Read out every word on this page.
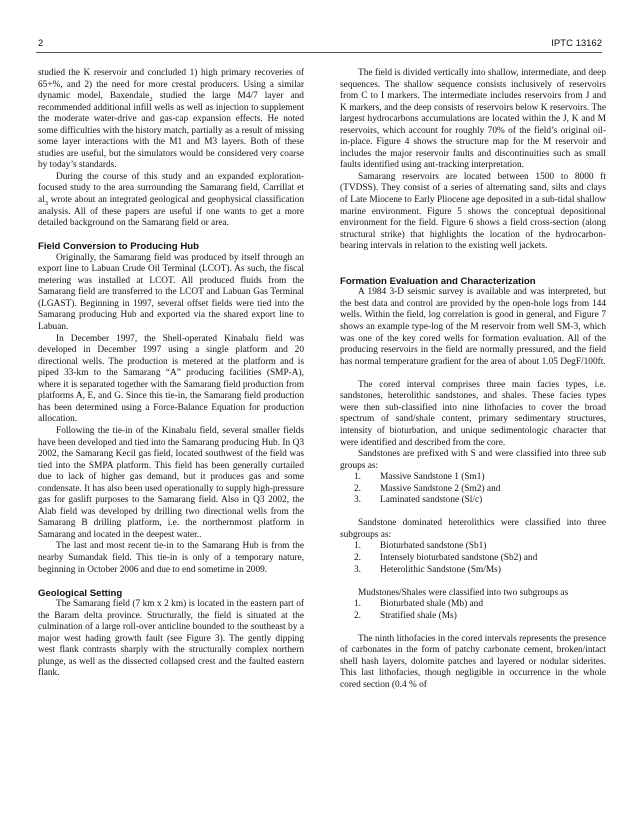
2	IPTC 13162

studied the K reservoir and concluded 1) high primary recoveries of 65+%, and 2) the need for more crestal producers. Using a similar dynamic model, Baxendale$_2$ studied the large M4/7 layer and recommended additional infill wells as well as injection to supplement the moderate water-drive and gas-cap expansion effects. He noted some difficulties with the history match, partially as a result of missing some layer interactions with the M1 and M3 layers. Both of these studies are useful, but the simulators would be considered very coarse by today’s standards.

During the course of this study and an expanded exploration-focused study to the area surrounding the Samarang field, Carrillat et $al_3$ wrote about an integrated geological and geophysical classification analysis. All of these papers are useful if one wants to get a more detailed background on the Samarang field or area.

Field Conversion to Producing Hub

Originally, the Samarang field was produced by itself through an export line to Labuan Crude Oil Terminal (LCOT). As such, the fiscal metering was installed at LCOT. All produced fluids from the Samarang field are transferred to the LCOT and Labuan Gas Terminal (LGAST). Beginning in 1997, several offset fields were tied into the Samarang producing Hub and exported via the shared export line to Labuan.

In December 1997, the Shell-operated Kinabalu field was developed in December 1997 using a single platform and 20 directional wells. The production is metered at the platform and is piped 33-km to the Samarang “A” producing facilities (SMP-A), where it is separated together with the Samarang field production from platforms A, E, and G. Since this tie-in, the Samarang field production has been determined using a Force-Balance Equation for production allocation.

Following the tie-in of the Kinabalu field, several smaller fields have been developed and tied into the Samarang producing Hub. In Q3 2002, the Samarang Kecil gas field, located southwest of the field was tied into the SMPA platform. This field has been generally curtailed due to lack of higher gas demand, but it produces gas and some condensate. It has also been used operationally to supply high-pressure gas for gaslift purposes to the Samarang field. Also in Q3 2002, the Alab field was developed by drilling two directional wells from the Samarang B drilling platform, i.e. the northernmost platform in Samarang and located in the deepest water..

The last and most recent tie-in to the Samarang Hub is from the nearby Sumandak field. This tie-in is only of a temporary nature, beginning in October 2006 and due to end sometime in 2009.

Geological Setting

The Samarang field (7 km x 2 km) is located in the eastern part of the Baram delta province. Structurally, the field is situated at the culmination of a large roll-over anticline bounded to the southeast by a major west hading growth fault (see Figure 3). The gently dipping west flank contrasts sharply with the structurally complex northern plunge, as well as the dissected collapsed crest and the faulted eastern flank.

The field is divided vertically into shallow, intermediate, and deep sequences. The shallow sequence consists inclusively of reservoirs from C to I markers. The intermediate includes reservoirs from J and K markers, and the deep consists of reservoirs below K reservoirs. The largest hydrocarbons accumulations are located within the J, K and M reservoirs, which account for roughly 70% of the field’s original oil-in-place. Figure 4 shows the structure map for the M reservoir and includes the major reservoir faults and discontinuities such as small faults identified using ant-tracking interpretation.

Samarang reservoirs are located between 1500 to 8000 ft (TVDSS). They consist of a series of alternating sand, silts and clays of Late Miocene to Early Pliocene age deposited in a sub-tidal shallow marine environment. Figure 5 shows the conceptual depositional environment for the field. Figure 6 shows a field cross-section (along structural strike) that highlights the location of the hydrocarbon-bearing intervals in relation to the existing well jackets.

Formation Evaluation and Characterization

A 1984 3-D seismic survey is available and was interpreted, but the best data and control are provided by the open-hole logs from 144 wells. Within the field, log correlation is good in general, and Figure 7 shows an example type-log of the M reservoir from well SM-3, which was one of the key cored wells for formation evaluation. All of the producing reservoirs in the field are normally pressured, and the field has normal temperature gradient for the area of about 1.05 DegF/100ft.

The cored interval comprises three main facies types, i.e. sandstones, heterolithic sandstones, and shales. These facies types were then sub-classified into nine lithofacies to cover the broad spectrum of sand/shale content, primary sedimentary structures, intensity of bioturbation, and unique sedimentologic character that were identified and described from the core.

Sandstones are prefixed with S and were classified into three sub groups as:

1. Massive Sandstone 1 (Sm1)
2. Massive Sandstone 2 (Sm2) and
3. Laminated sandstone (Sl/c)

Sandstone dominated heterolithics were classified into three subgroups as:

1. Bioturbated sandstone (Sb1)
2. Intensely bioturbated sandstone (Sb2) and
3. Heterolithic Sandstone (Sm/Ms)

Mudstones/Shales were classified into two subgroups as

1. Bioturbated shale (Mb) and
2. Stratified shale (Ms)

The ninth lithofacies in the cored intervals represents the presence of carbonates in the form of patchy carbonate cement, broken/intact shell hash layers, dolomite patches and layered or nodular siderites. This last lithofacies, though negligible in occurrence in the whole cored section (0.4 % of
